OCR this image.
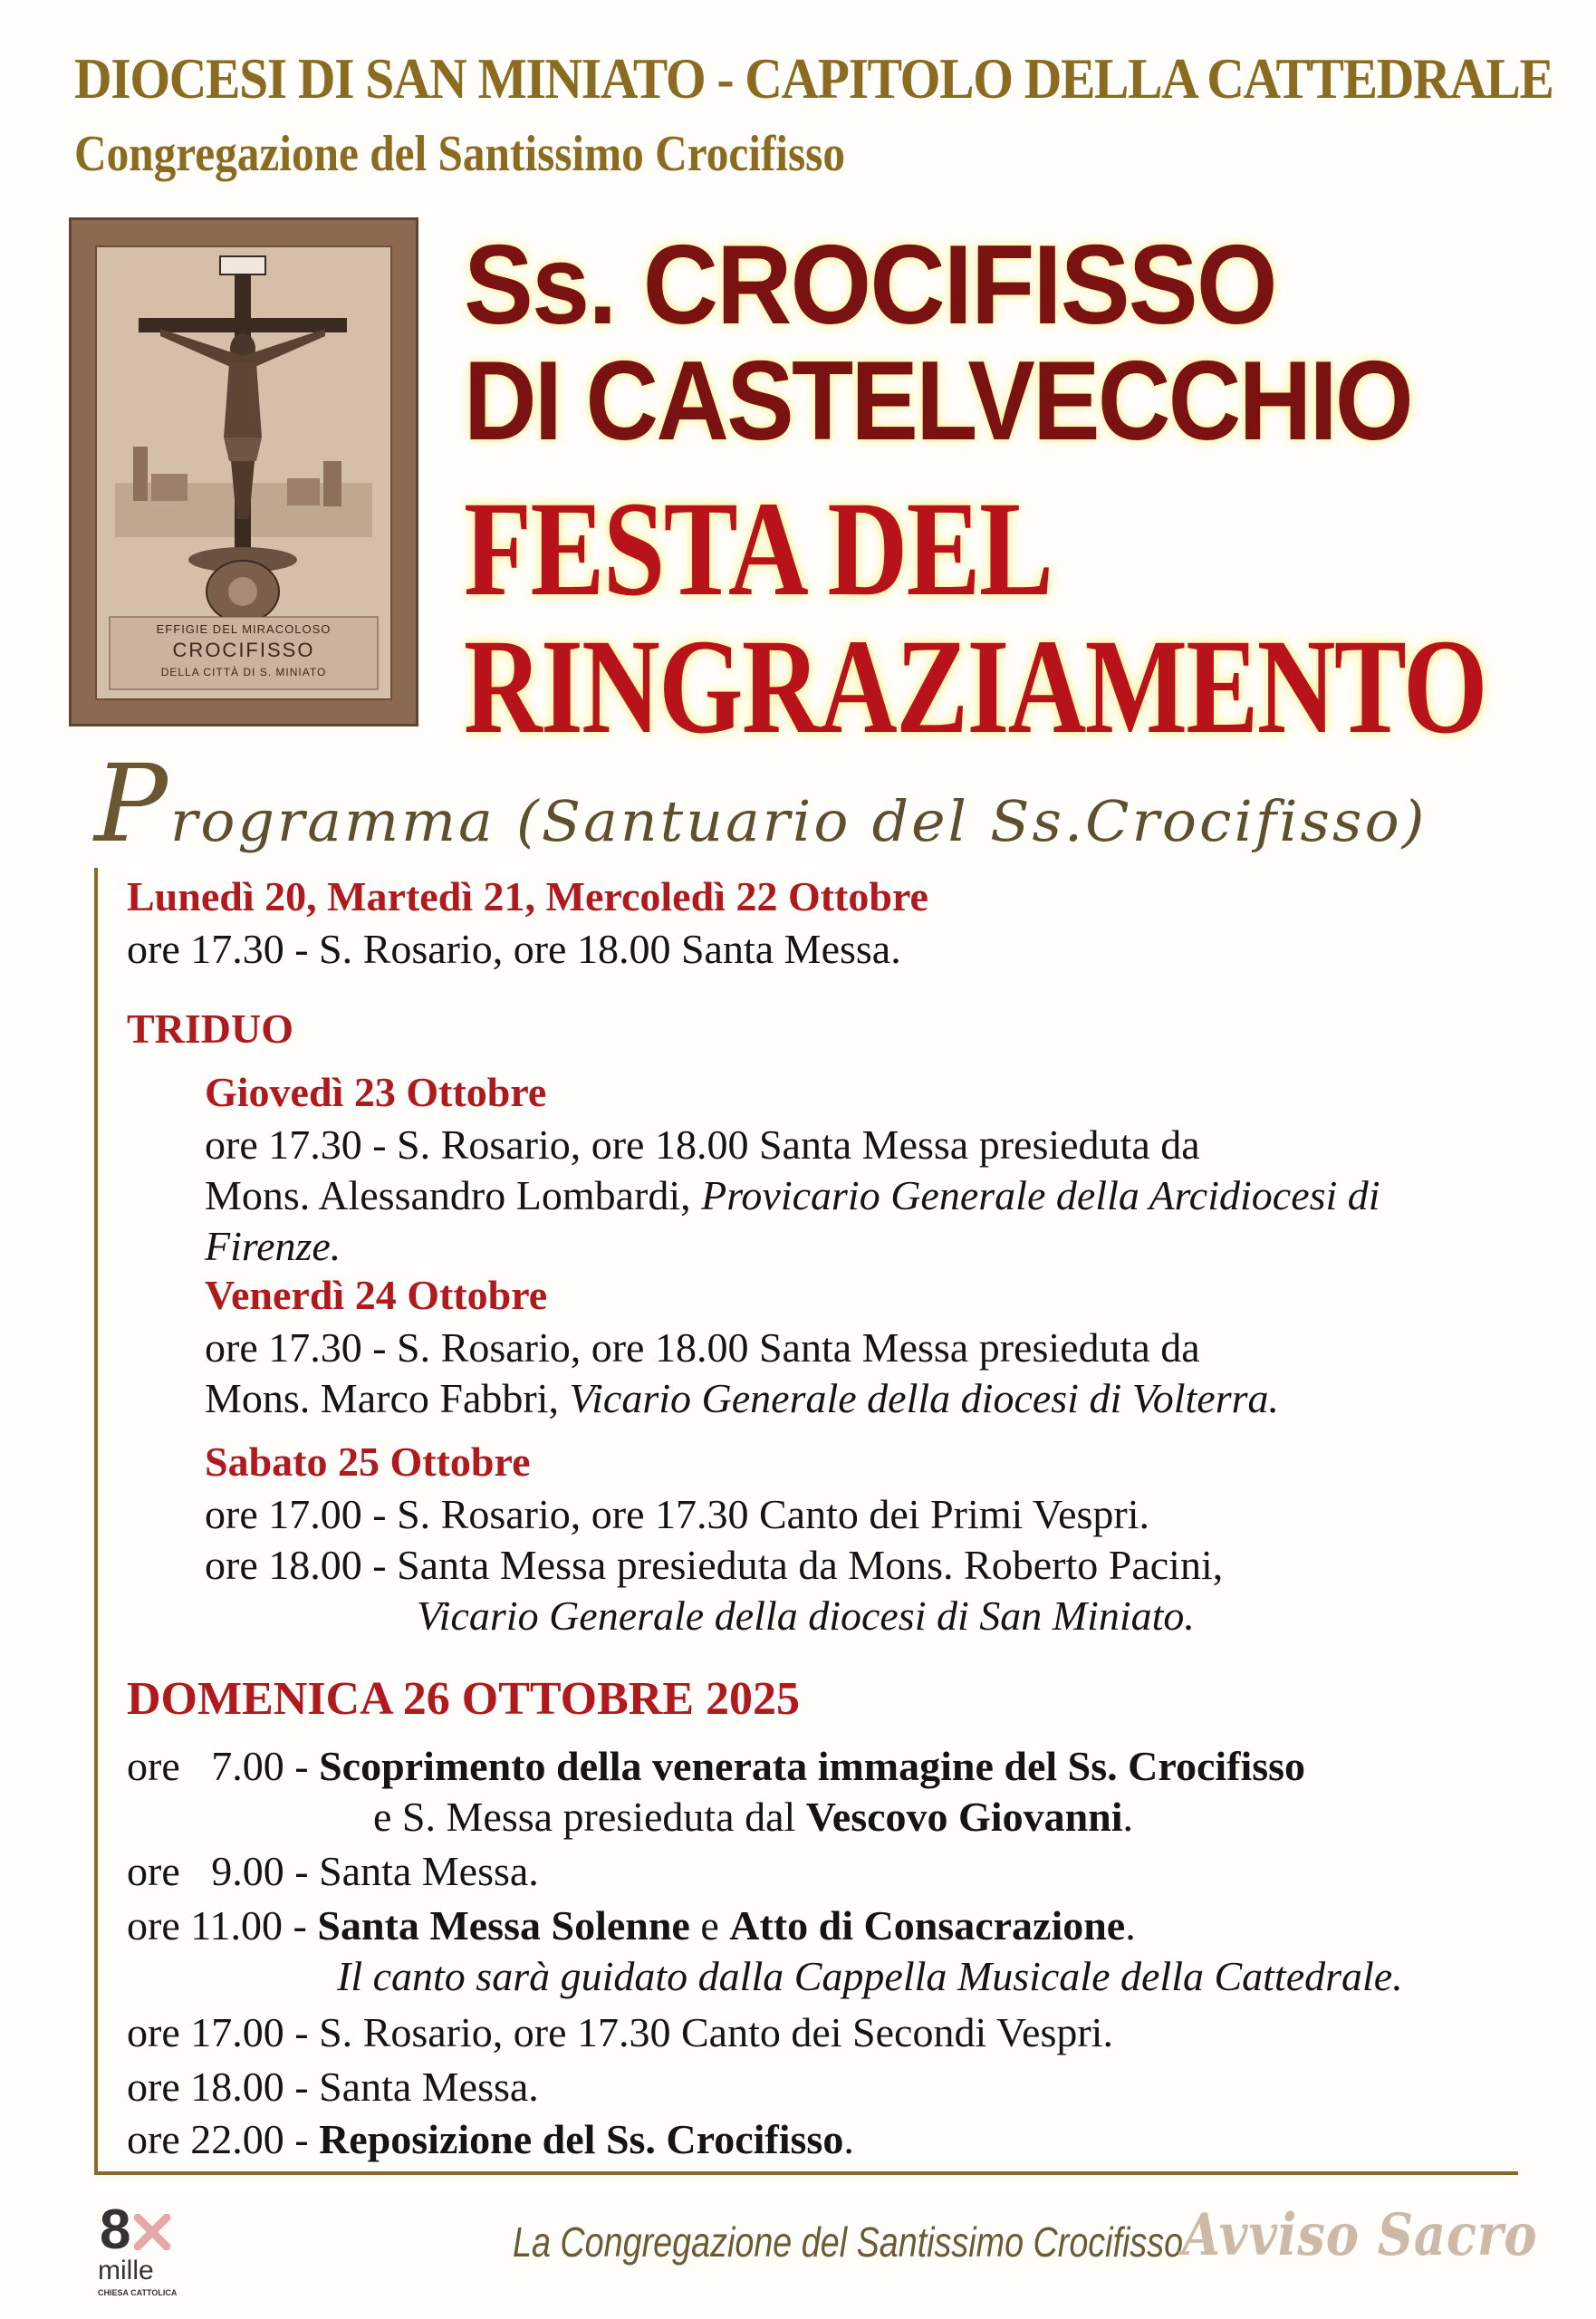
DIOCESI DI SAN MINIATO - CAPITOLO DELLA CATTEDRALE
Congregazione del Santissimo Crocifisso
EFFIGIE DEL MIRACOLOSO
CROCIFISSO
DELLA CITTÀ DI S. MINIATO
Ss. CROCIFISSO
DI CASTELVECCHIO
FESTA DEL
RINGRAZIAMENTO
Programma (Santuario del Ss.Crocifisso)
Lunedì 20, Martedì 21, Mercoledì 22 Ottobre
ore 17.30 - S. Rosario, ore 18.00 Santa Messa.
TRIDUO
Giovedì 23 Ottobre
ore 17.30 - S. Rosario, ore 18.00 Santa Messa presieduta da
Mons. Alessandro Lombardi, Provicario Generale della Arcidiocesi di
Firenze.
Venerdì 24 Ottobre
ore 17.30 - S. Rosario, ore 18.00 Santa Messa presieduta da
Mons. Marco Fabbri, Vicario Generale della diocesi di Volterra.
Sabato 25 Ottobre
ore 17.00 - S. Rosario, ore 17.30 Canto dei Primi Vespri.
ore 18.00 - Santa Messa presieduta da Mons. Roberto Pacini,
Vicario Generale della diocesi di San Miniato.
DOMENICA 26 OTTOBRE 2025
ore   7.00 - Scoprimento della venerata immagine del Ss. Crocifisso
e S. Messa presieduta dal Vescovo Giovanni.
ore   9.00 - Santa Messa.
ore 11.00 - Santa Messa Solenne e Atto di Consacrazione.
Il canto sarà guidato dalla Cappella Musicale della Cattedrale.
ore 17.00 - S. Rosario, ore 17.30 Canto dei Secondi Vespri.
ore 18.00 - Santa Messa.
ore 22.00 - Reposizione del Ss. Crocifisso.
8
mille
CHIESA CATTOLICA
La Congregazione del Santissimo Crocifisso
Avviso Sacro
